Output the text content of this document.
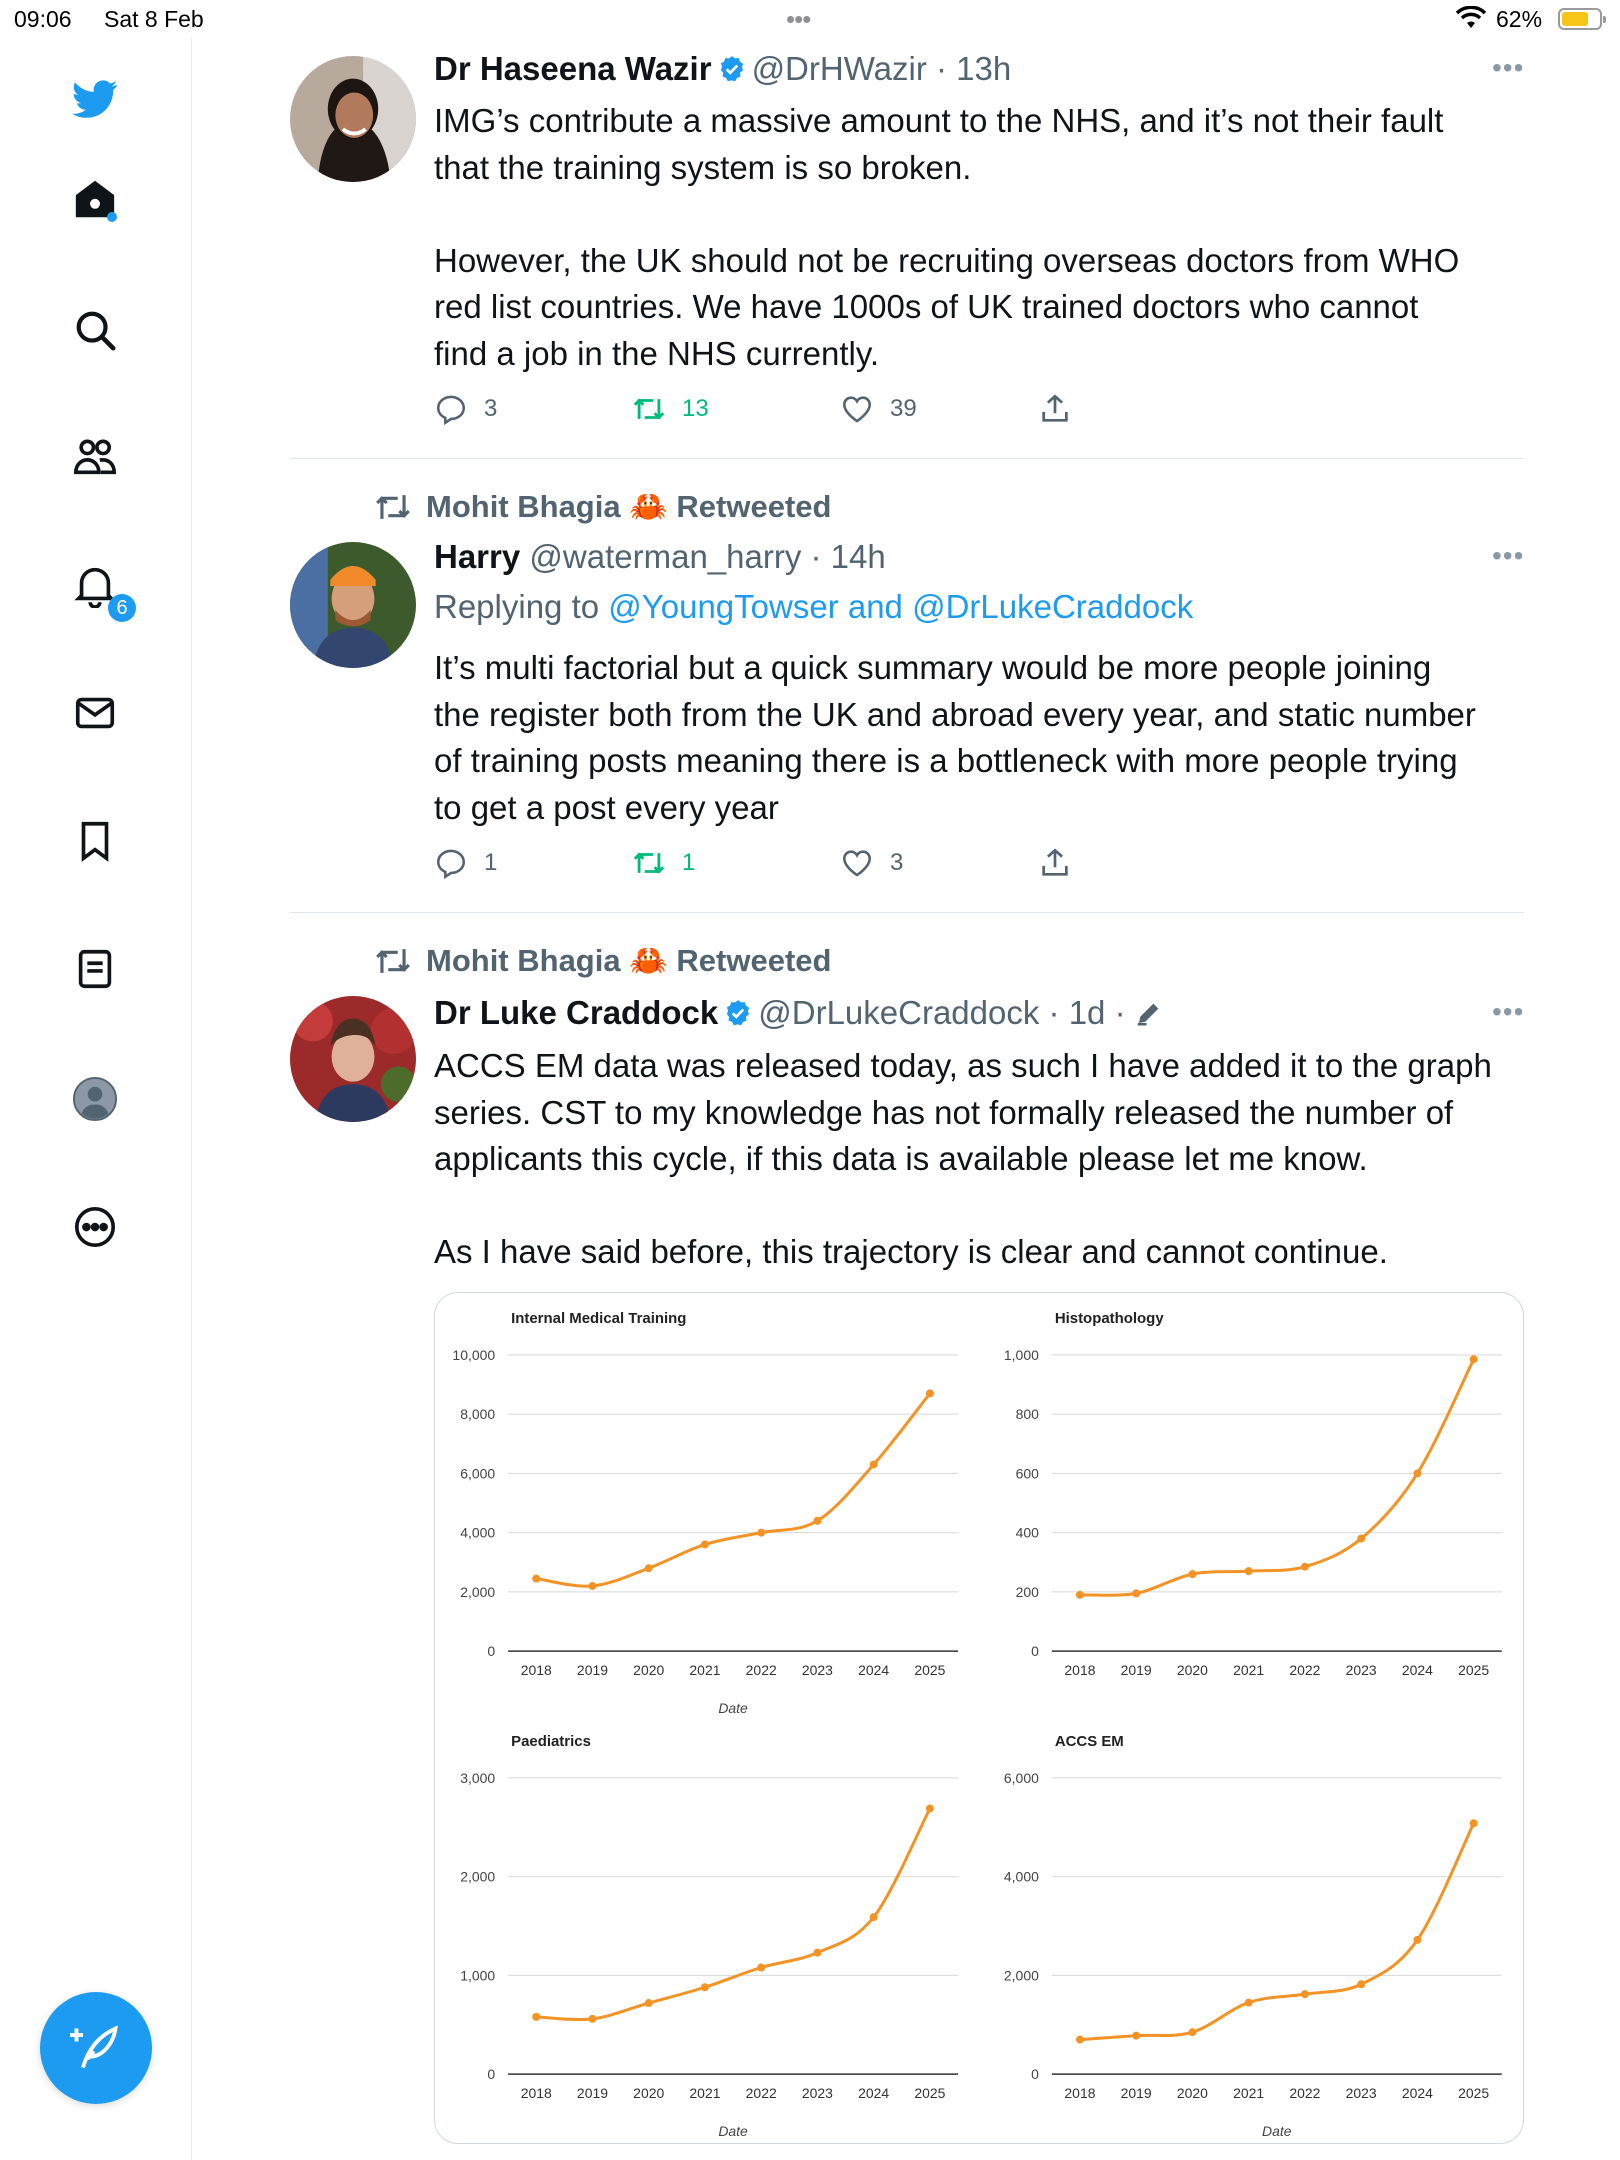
09:06 Sat 8 Feb	•••	62%
6
Dr Haseena Wazir @DrHWazir · 13h	•••
IMG’s contribute a massive amount to the NHS, and it’s not their fault
that the training system is so broken.

However, the UK should not be recruiting overseas doctors from WHO
red list countries. We have 1000s of UK trained doctors who cannot
find a job in the NHS currently.
3	13	39
Mohit Bhagia 🦀 Retweeted
Harry @waterman_harry · 14h	•••
Replying to @YoungTowser and @DrLukeCraddock
It’s multi factorial but a quick summary would be more people joining
the register both from the UK and abroad every year, and static number
of training posts meaning there is a bottleneck with more people trying
to get a post every year
1	1	3
Mohit Bhagia 🦀 Retweeted
Dr Luke Craddock @DrLukeCraddock · 1d ·	•••
ACCS EM data was released today, as such I have added it to the graph
series. CST to my knowledge has not formally released the number of
applicants this cycle, if this data is available please let me know.

As I have said before, this trajectory is clear and cannot continue.
Internal Medical Training
10,000
8,000
6,000
4,000
2,000
0
2018 2019 2020 2021 2022 2023 2024 2025
Date
Histopathology
1,000
800
600
400
200
0
2018 2019 2020 2021 2022 2023 2024 2025
Paediatrics
3,000
2,000
1,000
0
2018 2019 2020 2021 2022 2023 2024 2025
Date
ACCS EM
6,000
4,000
2,000
0
2018 2019 2020 2021 2022 2023 2024 2025
Date
